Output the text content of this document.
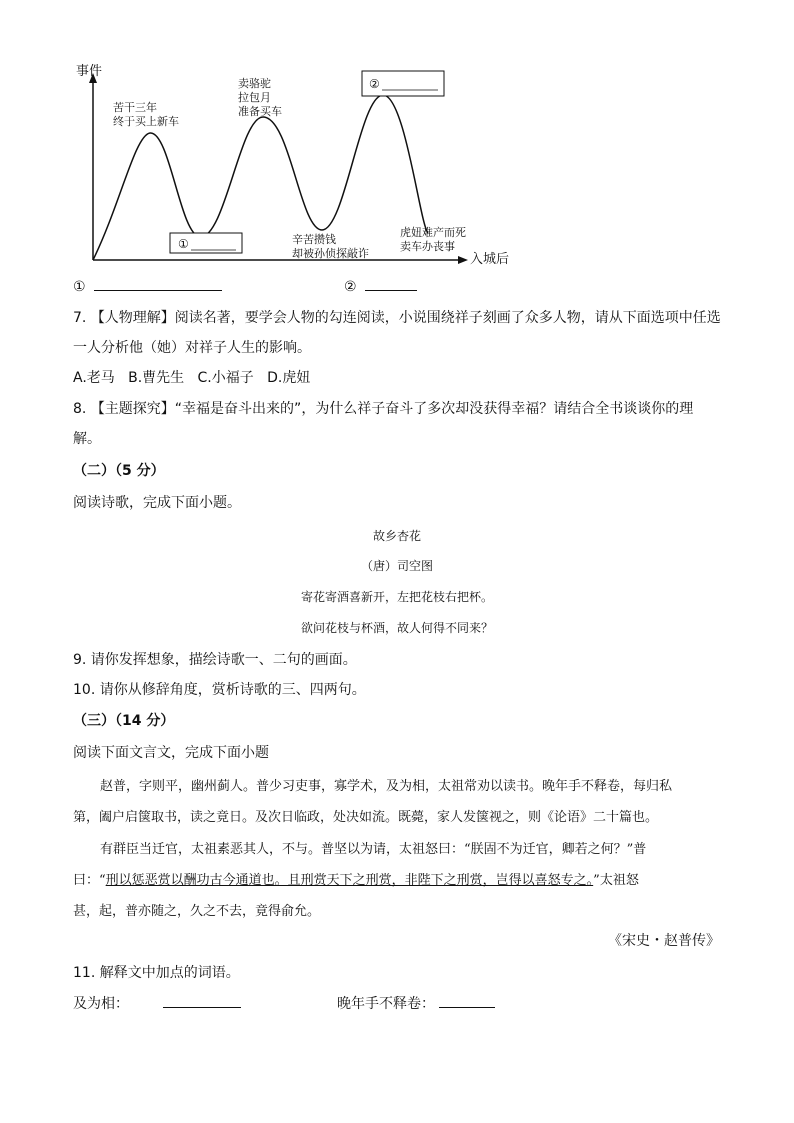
事件
入城后
苦干三年
终于买上新车
卖骆驼
拉包月
准备买车
②
①	辛苦攒钱
却被孙侦探敲诈
虎妞难产而死
卖车办丧事
①	②
7. 【人物理解】阅读名著，要学会人物的勾连阅读，小说围绕祥子刻画了众多人物，请从下面选项中任选
一人分析他（她）对祥子人生的影响。
A.老马   B.曹先生   C.小福子   D.虎妞
8. 【主题探究】“幸福是奋斗出来的”，为什么祥子奋斗了多次却没获得幸福？请结合全书谈谈你的理
解。
（二）（5 分）
阅读诗歌，完成下面小题。
故乡杏花
（唐）司空图
寄花寄酒喜新开，左把花枝右把杯。
欲问花枝与杯酒，故人何得不同来？
9. 请你发挥想象，描绘诗歌一、二句的画面。
10. 请你从修辞角度，赏析诗歌的三、四两句。
（三）（14 分）
阅读下面文言文，完成下面小题
赵普，字则平，幽州蓟人。普少习吏事，寡学术，及为相，太祖常劝以读书。晚年手不释卷，每归私
第，阖户启箧取书，读之竟日。及次日临政，处决如流。既薨，家人发箧视之，则《论语》二十篇也。
有群臣当迁官，太祖素恶其人，不与。普坚以为请，太祖怒曰：“朕固不为迁官，卿若之何？”普
曰：“刑以惩恶赏以酬功古今通道也。且刑赏天下之刑赏，非陛下之刑赏，岂得以喜怒专之。”太祖怒
甚，起，普亦随之，久之不去，竟得俞允。
《宋史・赵普传》
11. 解释文中加点的词语。
及为相：	晚年手不释卷：
